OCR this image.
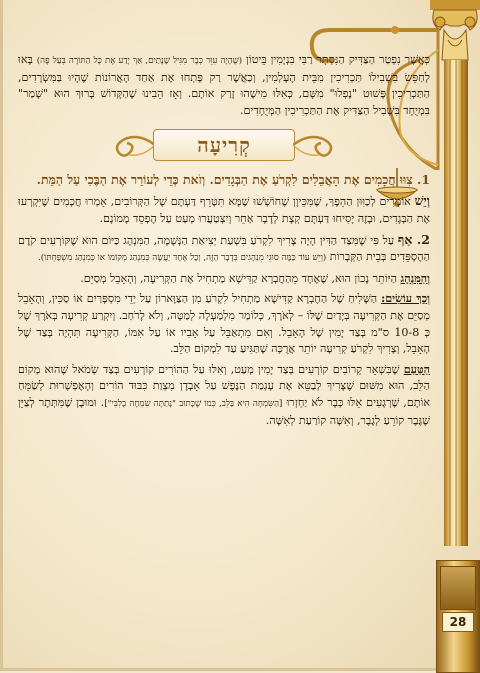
28

כְּאֲשֶׁר נִפְטַר הַצַּדִּיק הַנִּסְתָּר רַבִּי בִּנְיָמִין בֵּיטוֹן (שֶׁהָיָה עִוֵּר כְּבָר מִגִּיל שָׁנָתַיִם, אַךְ יָדַע אֶת כָּל הַתּוֹרָה בְּעַל פֶּה) בָּאוּ לְחַפֵּשׂ בִּשְׁבִילוֹ תַּכְרִיכִין מִבֵּית הָעָלְמִין, וְכַאֲשֶׁר רַק פָּתְחוּ אֶת אַחַד הָאֲרוֹנוֹת שֶׁהָיוּ בַּמִּשְׂרָדִים, הַתַּכְרִיכִין פָּשׁוּט "נָפְלוּ" מִשָּׁם, כְּאִלּוּ מִישֶׁהוּ זָרַק אוֹתָם. וְאָז הֵבִינוּ שֶׁהַקָּדוֹשׁ בָּרוּךְ הוּא "שָׁמַר" בִּמְיֻחָד בִּשְׁבִיל הַצַּדִּיק אֶת הַתַּכְרִיכִין הַמְּיֻחָדִים.

קְרִיעָה
1. צִוּוּ חֲכָמִים אֶת הָאֲבֵלִים לִקְרֹעַ אֶת הַבְּגָדִים. וְזֹאת כְּדֵי לְעוֹרֵר אֶת הַבֶּכִי עַל הַמֵּת.

וְיֵשׁ אוֹמְרִים לְכַוִּוּן הַהֵפֶךְ, שֶׁמִּכֵּיוָן שֶׁחוֹשְׁשׁוּ שֶׁמָּא תִּטָּרֵף דַּעְתָּם שֶׁל הַקְּרוֹבִים, אָמְרוּ חֲכָמִים שֶׁיִּקְרְעוּ אֶת הַבְּגָדִים, וּבָזֶה יָסִיחוּ דַּעְתָּם קְצָת לְדָבָר אַחֵר וְיִצְטַעֲרוּ מְעַט עַל הֶפְסֵד מָמוֹנָם.

2. אַף עַל פִּי שֶׁמִּצַּד הַדִּין הָיָה צָרִיךְ לִקְרֹעַ בִּשְׁעַת יְצִיאַת הַנְּשָׁמָה, הַמִּנְהָג כַּיּוֹם הוּא שֶׁקּוֹרְעִים קֹדֶם הַהֶסְפֵּדִים בְּבֵית הַקְּבָרוֹת (וְיֵשׁ עוֹד כַּמָּה סוּגֵי מִנְהָגִים בְּדָבָר הַזֶּה, וְכָל אֶחָד יַעֲשֶׂה כְּמִנְהַג מְקוֹמוֹ אוֹ כְּמִנְהַג מִשְׁפַּחְתּוֹ).

וְהַמִּנְהָג הַיּוֹתֵר נָכוֹן הוּא, שֶׁאֶחָד מֵהַחֲבְרָא קַדִּישָׁא מַתְחִיל אֶת הַקְּרִיעָה, וְהָאָבֵל מְסַיֵּם.

וְכָךְ עוֹשִׂים: הַשָּׁלִיחַ שֶׁל הַחֶבְרָא קַדִּישָׁא מַתְחִיל לִקְרֹעַ מִן הַצַּוָּארוֹן עַל יְדֵי מִסְפָּרַיִם אוֹ סַכִּין, וְהָאָבֵל מְסַיֵּם אֶת הַקְּרִיעָה בְּיָדַיִם שֶׁלּוֹ – לְאֹרֶךְ, כְּלוֹמַר מִלְמַעְלָה לְמַטָּה, וְלֹא לָרֹחַב. וְיִקְרַע קְרִיעָה בְּאֹרֶךְ שֶׁל כְּ 10-8 ס"מ בְּצַד יָמִין שֶׁל הָאָבֵל. וְאִם מִתְאַבֵּל עַל אָבִיו אוֹ עַל אִמּוֹ, הַקְּרִיעָה תִּהְיֶה בְּצַד שֶׁל הָאָבֵל, וְצָרִיךְ לִקְרֹעַ קְרִיעָה יוֹתֵר אֲרֻכָּה שֶׁתַּגִּיעַ עַד לִמְקוֹם הַלֵּב.

הַטַּעַם שֶׁבִּשְׁאָר קְרוֹבִים קוֹרְעִים בְּצַד יָמִין מְעַט, וְאִלּוּ עַל הַהוֹרִים קוֹרְעִים בְּצַד שְׂמֹאל שֶׁהוּא מְקוֹם הַלֵּב, הוּא מִשּׁוּם שֶׁצָּרִיךְ לְבַטֵּא אֶת עָגְמַת הַנֶּפֶשׁ עַל אָבְדָן מִצְוַת כִּבּוּד הוֹרִים וְהָאֶפְשָׁרוּת לְשַׂמֵּחַ אוֹתָם, שֶׁרְגָעִים אֵלּוּ כְּבָר לֹא יַחְזְרוּ [הַשִּׂמְחָה הִיא בַּלֵּב, כְּמוֹ שֶׁכָּתוּב "נָתַתָּה שִׂמְחָה בְלִבִּי"]. וּמוּבָן שֶׁמִּתְּתָר לְצַיֵּן שֶׁגֶּבֶר קוֹרֵעַ לְגֶבֶר, וְאִשָּׁה קוֹרַעַת לְאִשָּׁה.
